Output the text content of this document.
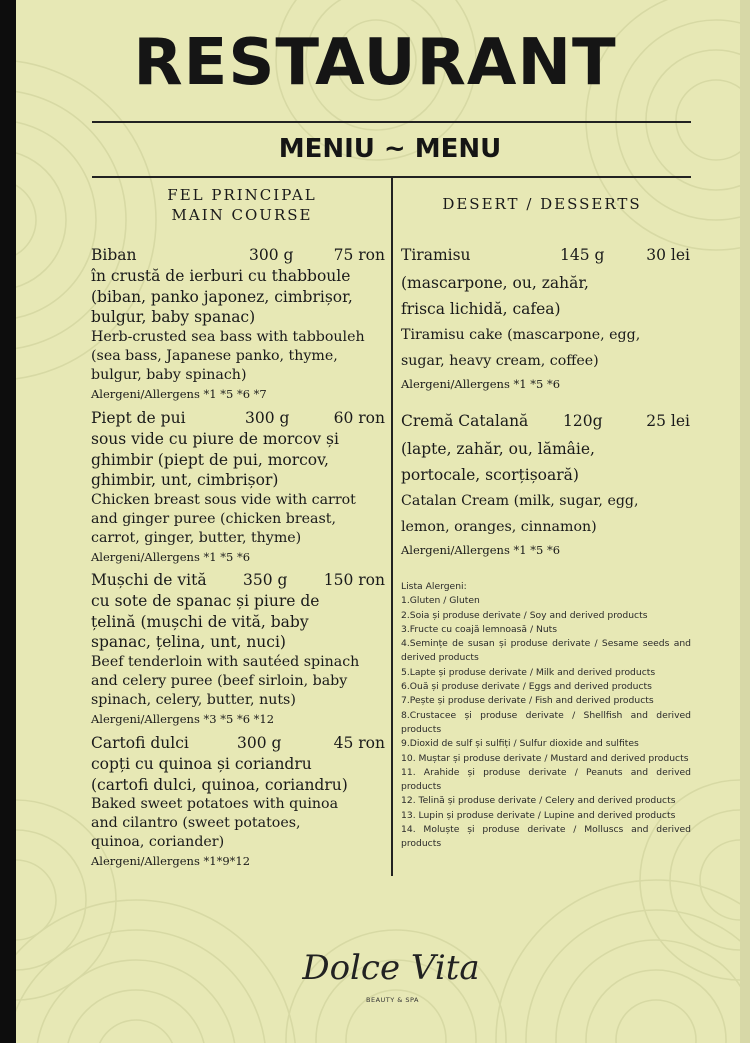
RESTAURANT
MENIU ~ MENU
FEL PRINCIPAL
MAIN COURSE
DESERT / DESSERTS
Biban	300 g	75 ron
în crustă de ierburi cu thabboule
(biban, panko japonez, cimbrișor,
bulgur, baby spanac)
Herb-crusted sea bass with tabbouleh
(sea bass, Japanese panko, thyme,
bulgur, baby spinach)
Alergeni/Allergens *1 *5 *6 *7
Piept de pui	300 g	60 ron
sous vide cu piure de morcov și
ghimbir (piept de pui, morcov,
ghimbir, unt, cimbrișor)
Chicken breast sous vide with carrot
and ginger puree (chicken breast,
carrot, ginger, butter, thyme)
Alergeni/Allergens *1 *5 *6
Mușchi de vită 350 g 150 ron
cu sote de spanac și piure de
țelină (mușchi de vită, baby
spanac, țelina, unt, nuci)
Beef tenderloin with sautéed spinach
and celery puree (beef sirloin, baby
spinach, celery, butter, nuts)
Alergeni/Allergens *3 *5 *6 *12
Cartofi dulci	300 g	45 ron
copți cu quinoa și coriandru
(cartofi dulci, quinoa, coriandru)
Baked sweet potatoes with quinoa
and cilantro (sweet potatoes,
quinoa, coriander)
Alergeni/Allergens *1*9*12
Tiramisu	145 g	30 lei
(mascarpone, ou, zahăr,
frisca lichidă, cafea)
Tiramisu cake (mascarpone, egg,
sugar, heavy cream, coffee)
Alergeni/Allergens *1 *5 *6
Cremă Catalană 120g	25 lei
(lapte, zahăr, ou, lămâie,
portocale, scorțișoară)
Catalan Cream (milk, sugar, egg,
lemon, oranges, cinnamon)
Alergeni/Allergens *1 *5 *6
Lista Alergeni:
1.Gluten / Gluten
2.Soia și produse derivate / Soy and derived products
3.Fructe cu coajă lemnoasă / Nuts
4.Semințe de susan și produse derivate / Sesame seeds and derived products
5.Lapte și produse derivate / Milk and derived products
6.Ouă și produse derivate / Eggs and derived products
7.Pește și produse derivate / Fish and derived products
8.Crustacee și produse derivate / Shellfish and derived products
9.Dioxid de sulf și sulfiți / Sulfur dioxide and sulfites
10. Muștar și produse derivate / Mustard and derived products
11. Arahide și produse derivate / Peanuts and derived products
12. Telină și produse derivate / Celery and derived products
13. Lupin și produse derivate / Lupine and derived products
14. Moluște și produse derivate / Molluscs and derived products
Dolce Vita
BEAUTY & SPA
